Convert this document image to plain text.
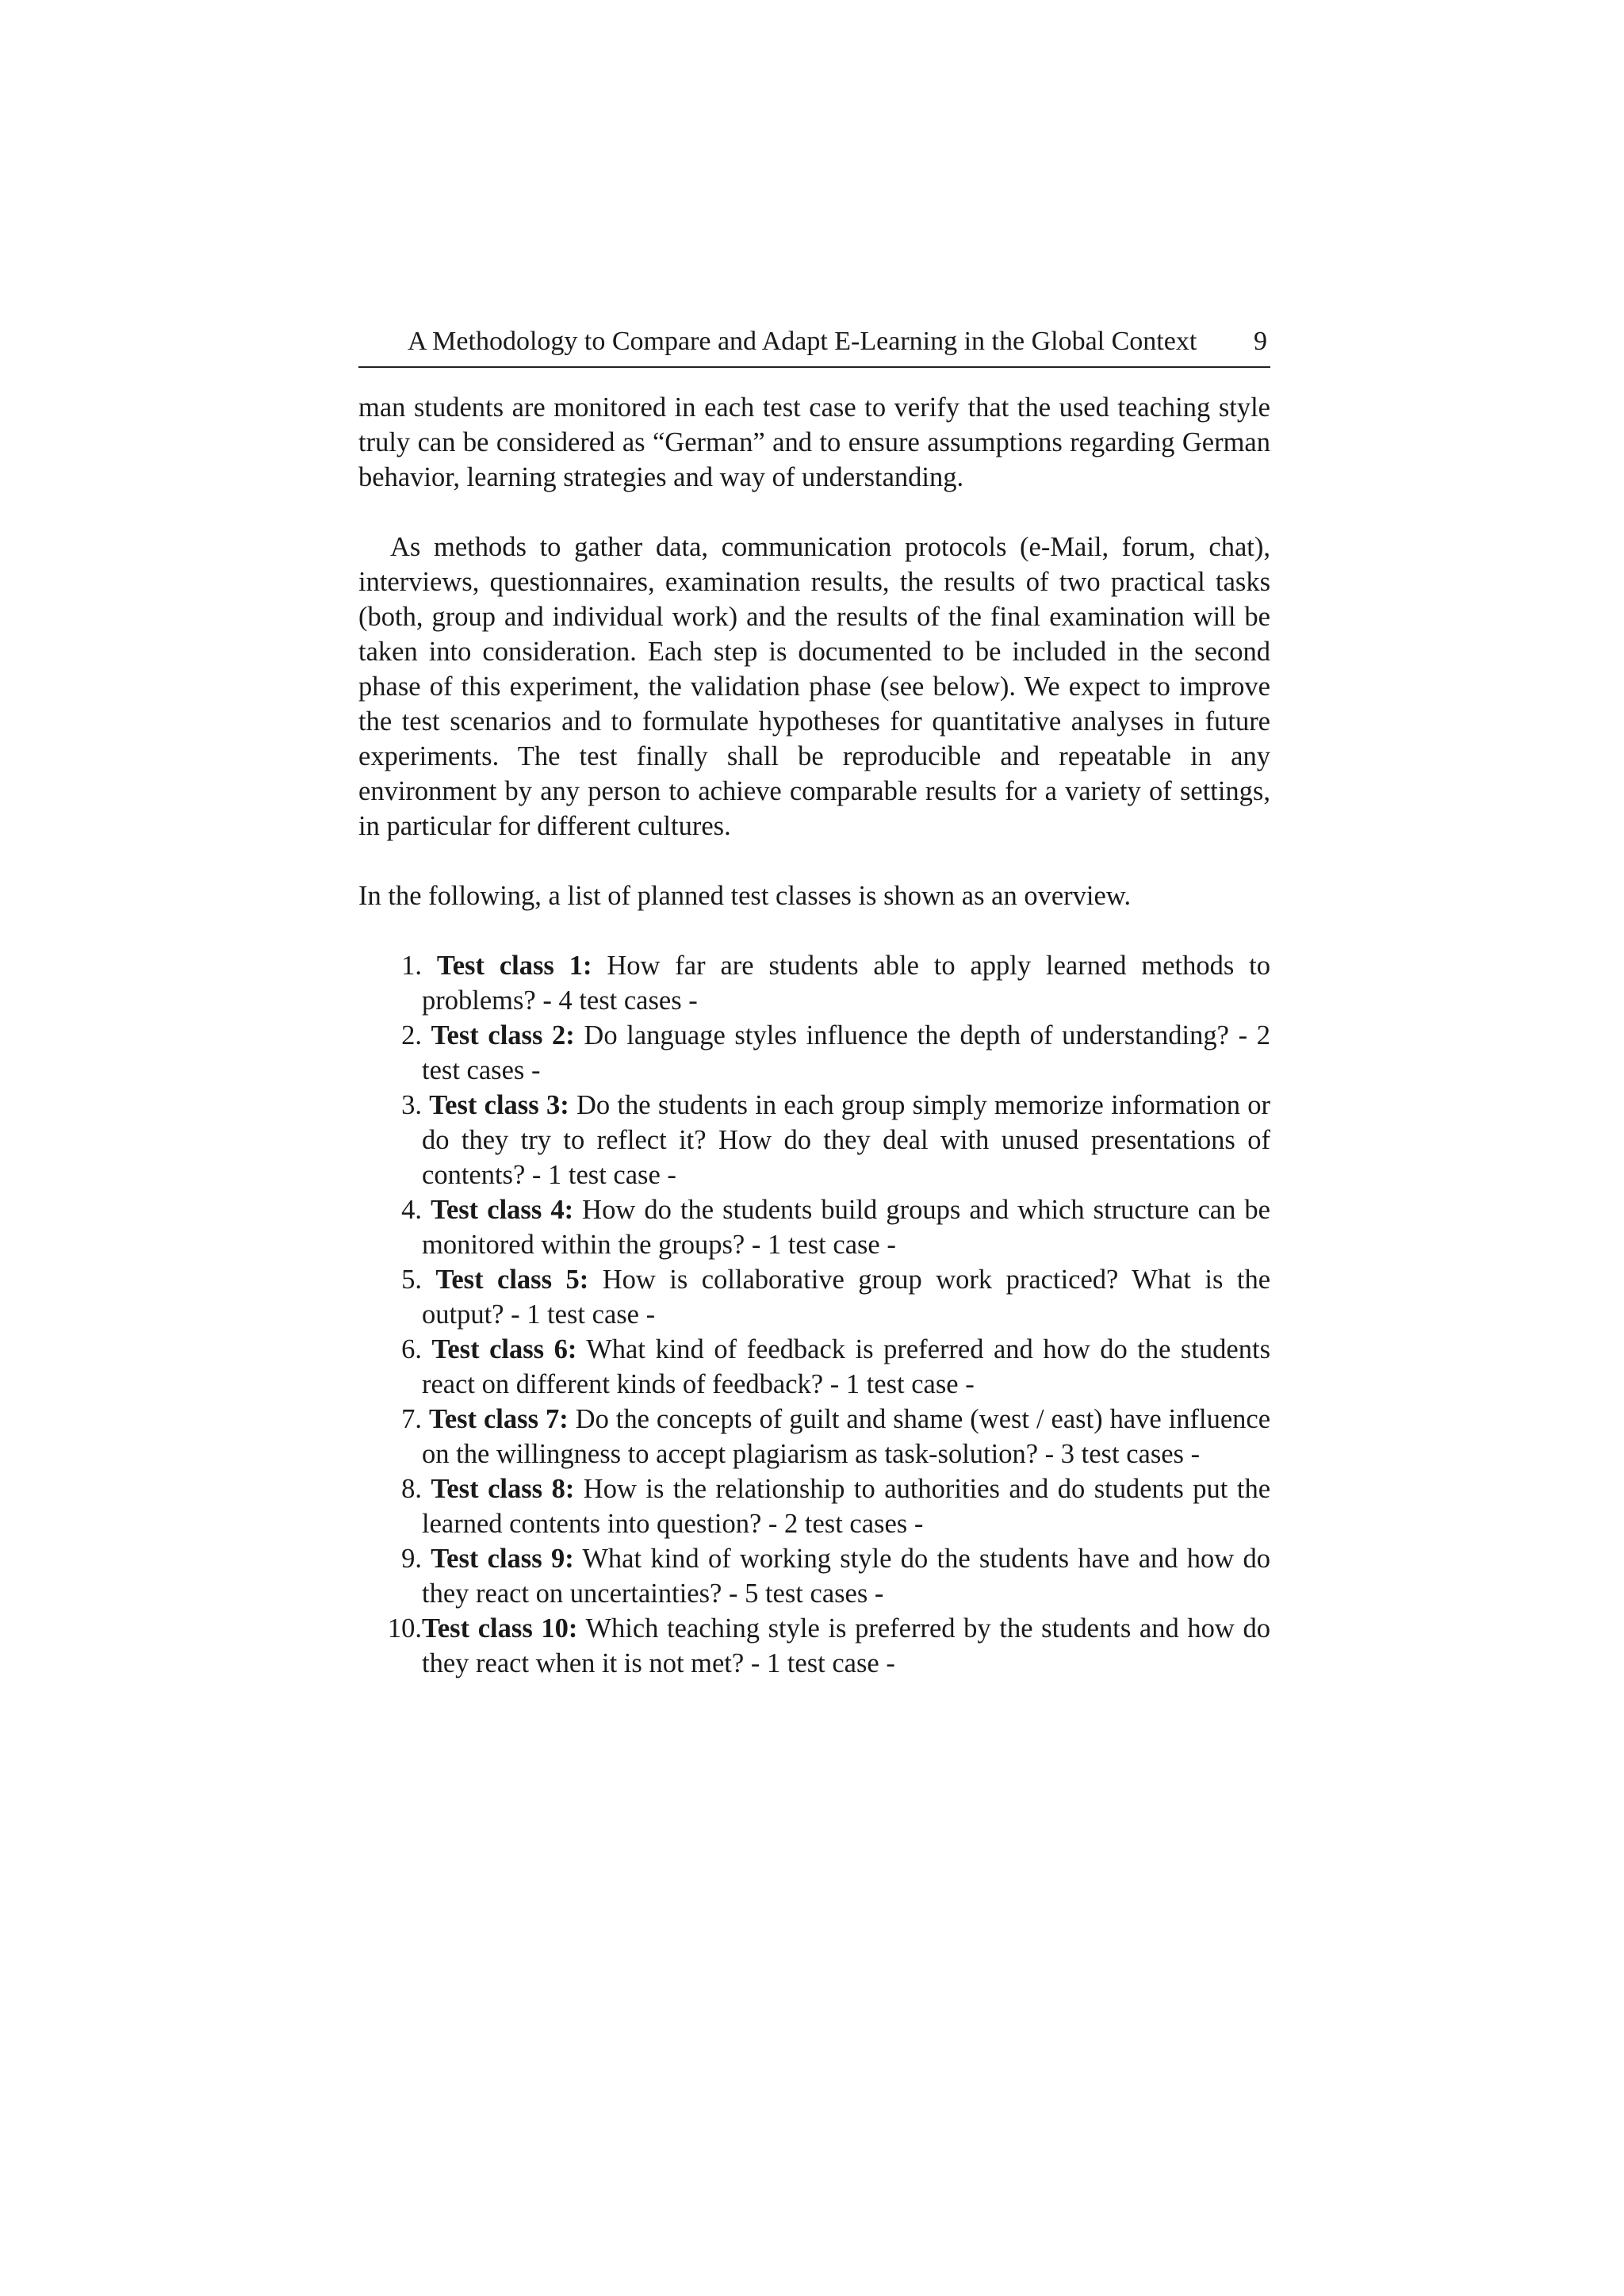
A Methodology to Compare and Adapt E-Learning in the Global Context 9

man students are monitored in each test case to verify that the used teaching style truly can be considered as “German” and to ensure assumptions regarding German behavior, learning strategies and way of understanding.

As methods to gather data, communication protocols (e-Mail, forum, chat), interviews, questionnaires, examination results, the results of two practical tasks (both, group and individual work) and the results of the final examination will be taken into consideration. Each step is documented to be included in the second phase of this experiment, the validation phase (see below). We expect to improve the test scenarios and to formulate hypotheses for quantitative analyses in future experiments. The test finally shall be reproducible and repeatable in any environment by any person to achieve comparable results for a variety of settings, in particular for different cultures.

In the following, a list of planned test classes is shown as an overview.

1. Test class 1: How far are students able to apply learned methods to problems? - 4 test cases -
2. Test class 2: Do language styles influence the depth of understanding? - 2 test cases -
3. Test class 3: Do the students in each group simply memorize information or do they try to reflect it? How do they deal with unused presentations of contents? - 1 test case -
4. Test class 4: How do the students build groups and which structure can be monitored within the groups? - 1 test case -
5. Test class 5: How is collaborative group work practiced? What is the output? - 1 test case -
6. Test class 6: What kind of feedback is preferred and how do the students react on different kinds of feedback? - 1 test case -
7. Test class 7: Do the concepts of guilt and shame (west / east) have influence on the willingness to accept plagiarism as task-solution? - 3 test cases -
8. Test class 8: How is the relationship to authorities and do students put the learned contents into question? - 2 test cases -
9. Test class 9: What kind of working style do the students have and how do they react on uncertainties? - 5 test cases -
10. Test class 10: Which teaching style is preferred by the students and how do they react when it is not met? - 1 test case -
